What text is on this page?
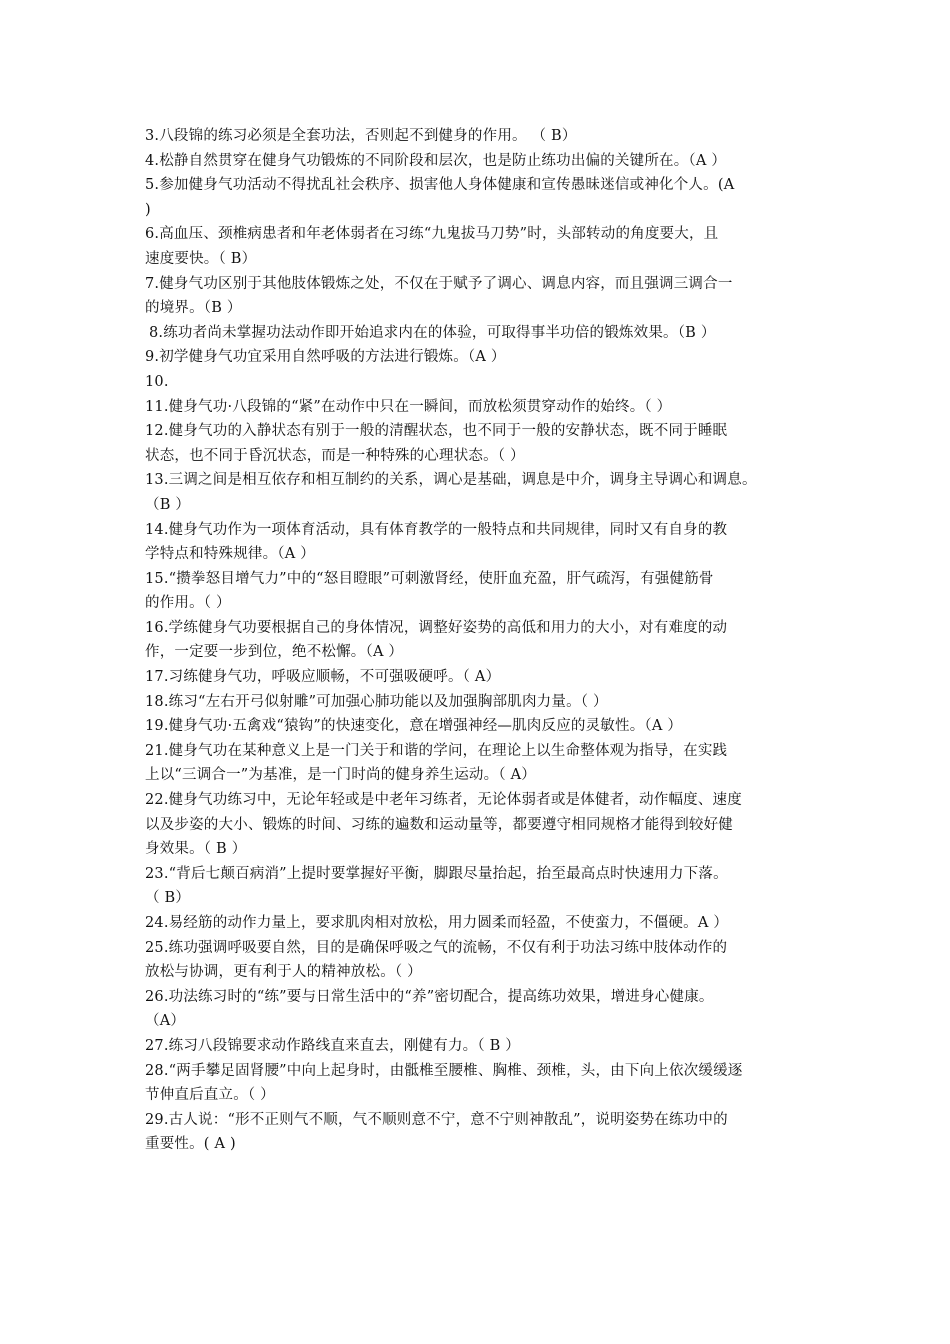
3.八段锦的练习必须是全套功法，否则起不到健身的作用。 （ B）
4.松静自然贯穿在健身气功锻炼的不同阶段和层次，也是防止练功出偏的关键所在。（A ）
5.参加健身气功活动不得扰乱社会秩序、损害他人身体健康和宣传愚昧迷信或神化个人。(A
)
6.高血压、颈椎病患者和年老体弱者在习练“九鬼拔马刀势”时，头部转动的角度要大，且
速度要快。（ B）
7.健身气功区别于其他肢体锻炼之处，不仅在于赋予了调心、调息内容，而且强调三调合一
的境界。（B ）
8.练功者尚未掌握功法动作即开始追求内在的体验，可取得事半功倍的锻炼效果。（B ）
9.初学健身气功宜采用自然呼吸的方法进行锻炼。（A ）
10.
11.健身气功·八段锦的“紧”在动作中只在一瞬间，而放松须贯穿动作的始终。（ ）
12.健身气功的入静状态有别于一般的清醒状态，也不同于一般的安静状态，既不同于睡眠
状态，也不同于昏沉状态，而是一种特殊的心理状态。（ ）
13.三调之间是相互依存和相互制约的关系，调心是基础，调息是中介，调身主导调心和调息。
（B ）
14.健身气功作为一项体育活动，具有体育教学的一般特点和共同规律，同时又有自身的教
学特点和特殊规律。（A ）
15.“攒拳怒目增气力”中的“怒目瞪眼”可刺激肾经，使肝血充盈，肝气疏泻，有强健筋骨
的作用。（ ）
16.学练健身气功要根据自己的身体情况，调整好姿势的高低和用力的大小，对有难度的动
作，一定要一步到位，绝不松懈。（A ）
17.习练健身气功，呼吸应顺畅，不可强吸硬呼。（ A）
18.练习“左右开弓似射雕”可加强心肺功能以及加强胸部肌肉力量。（ ）
19.健身气功·五禽戏“猿钩”的快速变化，意在增强神经—肌肉反应的灵敏性。（A ）
21.健身气功在某种意义上是一门关于和谐的学问，在理论上以生命整体观为指导，在实践
上以“三调合一”为基准，是一门时尚的健身养生运动。（ A）
22.健身气功练习中，无论年轻或是中老年习练者，无论体弱者或是体健者，动作幅度、速度
以及步姿的大小、锻炼的时间、习练的遍数和运动量等，都要遵守相同规格才能得到较好健
身效果。（ B ）
23.“背后七颠百病消”上提时要掌握好平衡，脚跟尽量抬起，抬至最高点时快速用力下落。
（ B）
24.易经筋的动作力量上，要求肌肉相对放松，用力圆柔而轻盈，不使蛮力，不僵硬。A ）
25.练功强调呼吸要自然，目的是确保呼吸之气的流畅，不仅有利于功法习练中肢体动作的
放松与协调，更有利于人的精神放松。（ ）
26.功法练习时的“练”要与日常生活中的“养”密切配合，提高练功效果，增进身心健康。
（A）
27.练习八段锦要求动作路线直来直去，刚健有力。（ B ）
28.“两手攀足固肾腰”中向上起身时，由骶椎至腰椎、胸椎、颈椎，头，由下向上依次缓缓逐
节伸直后直立。（ ）
29.古人说：“形不正则气不顺，气不顺则意不宁，意不宁则神散乱”，说明姿势在练功中的
重要性。( A )
